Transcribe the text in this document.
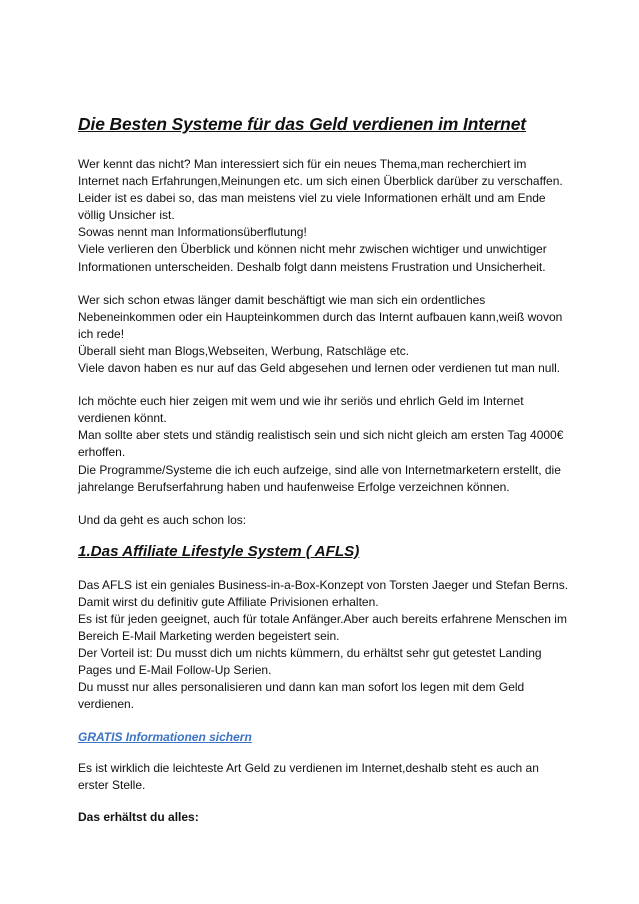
Die Besten Systeme für das Geld verdienen im Internet

Wer kennt das nicht? Man interessiert sich für ein neues Thema,man recherchiert im
Internet nach Erfahrungen,Meinungen etc. um sich einen Überblick darüber zu verschaffen.
Leider ist es dabei so, das man meistens viel zu viele Informationen erhält und am Ende
völlig Unsicher ist.
Sowas nennt man Informationsüberflutung!
Viele verlieren den Überblick und können nicht mehr zwischen wichtiger und unwichtiger
Informationen unterscheiden. Deshalb folgt dann meistens Frustration und Unsicherheit.

Wer sich schon etwas länger damit beschäftigt wie man sich ein ordentliches
Nebeneinkommen oder ein Haupteinkommen durch das Internt aufbauen kann,weiß wovon
ich rede!
Überall sieht man Blogs,Webseiten, Werbung, Ratschläge etc.
Viele davon haben es nur auf das Geld abgesehen und lernen oder verdienen tut man null.

Ich möchte euch hier zeigen mit wem und wie ihr seriös und ehrlich Geld im Internet
verdienen könnt.
Man sollte aber stets und ständig realistisch sein und sich nicht gleich am ersten Tag 4000€
erhoffen.
Die Programme/Systeme die ich euch aufzeige, sind alle von Internetmarketern erstellt, die
jahrelange Berufserfahrung haben und haufenweise Erfolge verzeichnen können.

Und da geht es auch schon los:

1.Das Affiliate Lifestyle System ( AFLS)

Das AFLS ist ein geniales Business-in-a-Box-Konzept von Torsten Jaeger und Stefan Berns.
Damit wirst du definitiv gute Affiliate Privisionen erhalten.
Es ist für jeden geeignet, auch für totale Anfänger.Aber auch bereits erfahrene Menschen im
Bereich E-Mail Marketing werden begeistert sein.
Der Vorteil ist: Du musst dich um nichts kümmern, du erhältst sehr gut getestet Landing
Pages und E-Mail Follow-Up Serien.
Du musst nur alles personalisieren und dann kan man sofort los legen mit dem Geld
verdienen.

GRATIS Informationen sichern

Es ist wirklich die leichteste Art Geld zu verdienen im Internet,deshalb steht es auch an
erster Stelle.

Das erhältst du alles:
